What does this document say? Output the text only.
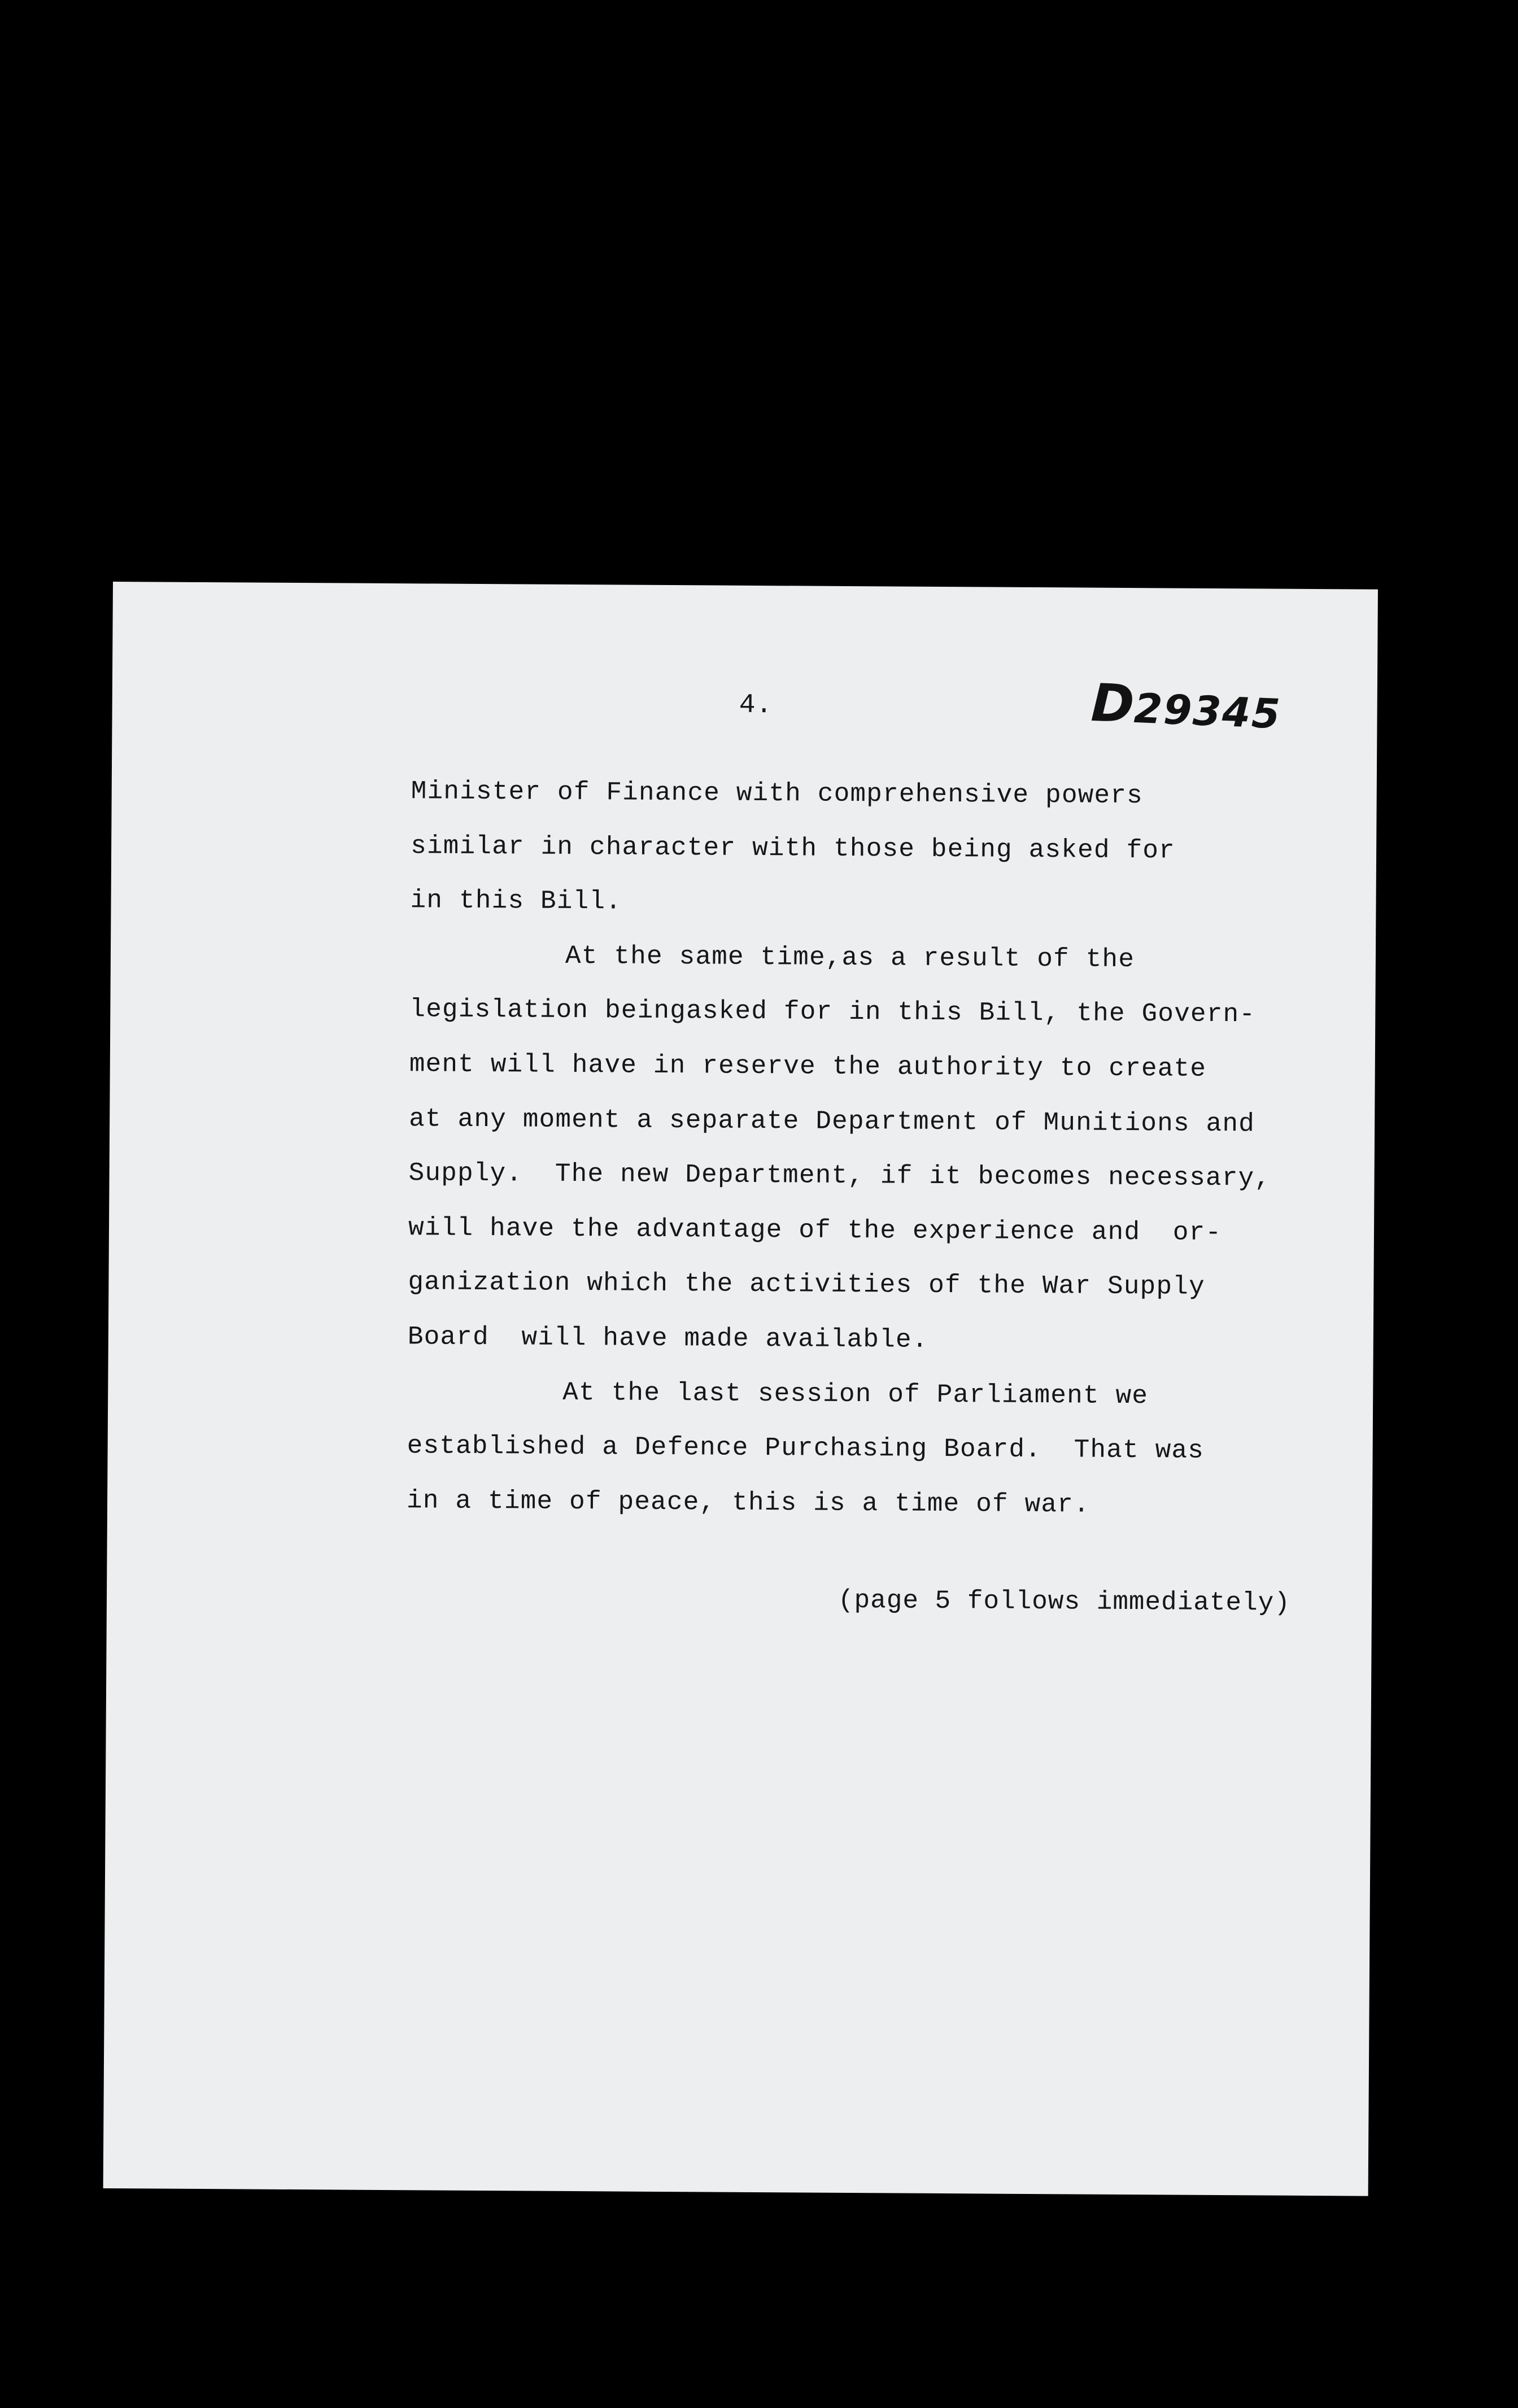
4.	D29345

Minister of Finance with comprehensive powers
similar in character with those being asked for
in this Bill.
At the same time,as a result of the
legislation beingasked for in this Bill, the Govern-
ment will have in reserve the authority to create
at any moment a separate Department of Munitions and
Supply.  The new Department, if it becomes necessary,
will have the advantage of the experience and  or-
ganization which the activities of the War Supply
Board  will have made available.
At the last session of Parliament we
established a Defence Purchasing Board.  That was
in a time of peace, this is a time of war.
(page 5 follows immediately)
